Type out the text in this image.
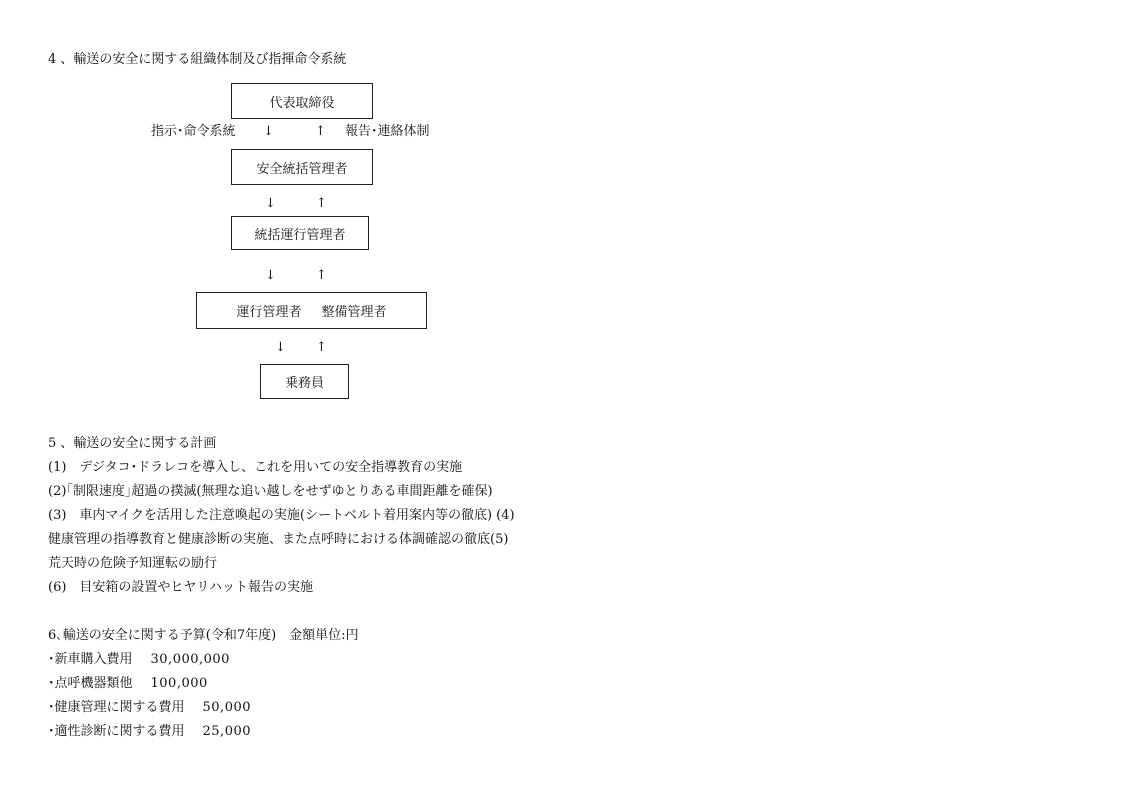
4 、輸送の安全に関する組織体制及び指揮命令系統
代表取締役
指示･命令系統 ↓	↑ 報告･連絡体制
安全統括管理者
↓	↑
統括運行管理者
↓	↑
運行管理者 整備管理者
↓ ↑
乗務員
5 、輸送の安全に関する計画
(1)　デジタコ･ドラレコを導入し、これを用いての安全指導教育の実施
(2)｢制限速度｣超過の撲滅(無理な追い越しをせずゆとりある車間距離を確保)
(3)　車内マイクを活用した注意喚起の実施(シートベルト着用案内等の徹底) (4)
健康管理の指導教育と健康診断の実施、また点呼時における体調確認の徹底(5)
荒天時の危険予知運転の励行
(6)　目安箱の設置やヒヤリハット報告の実施
6､輸送の安全に関する予算(令和7年度)　金額単位:円
･新車購入費用 30,000,000
･点呼機器類他 100,000
･健康管理に関する費用 50,000
･適性診断に関する費用 25,000
